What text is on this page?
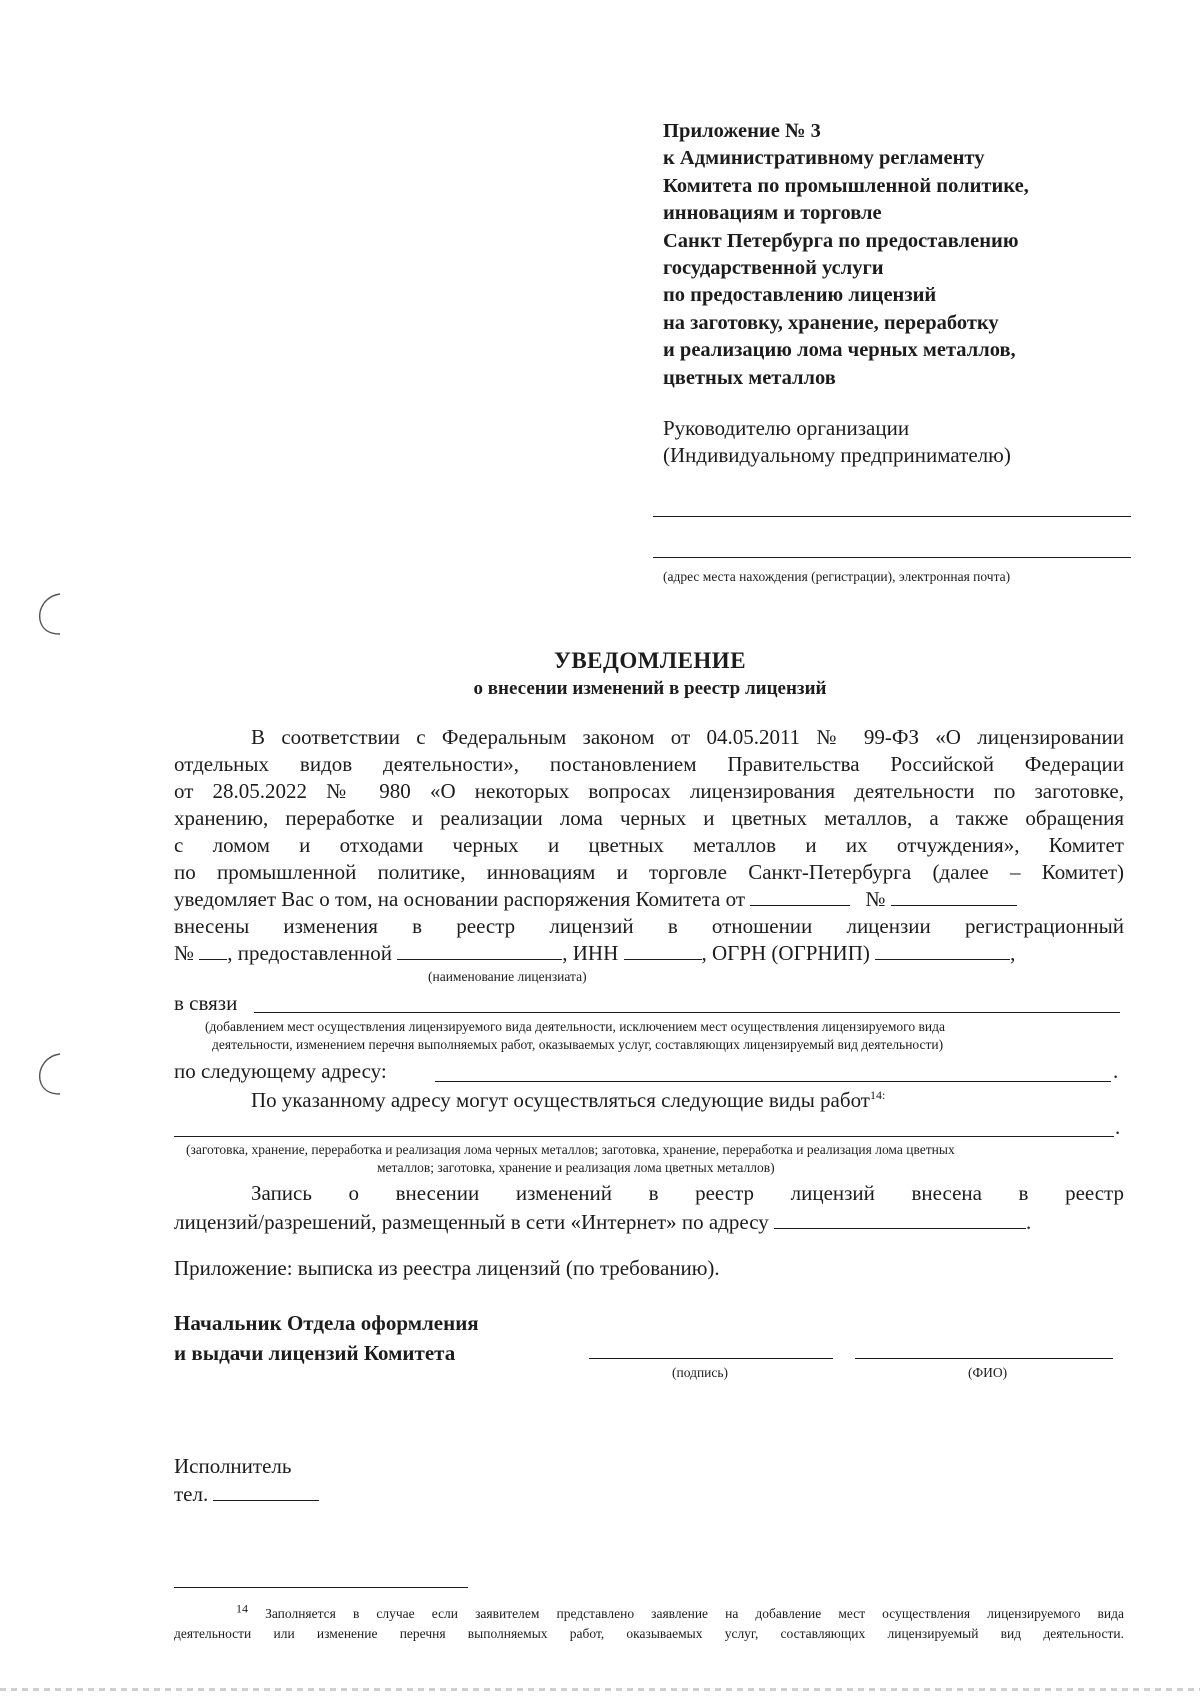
Приложение № 3
к Административному регламенту
Комитета по промышленной политике,
инновациям и торговле
Санкт Петербурга по предоставлению
государственной услуги
по предоставлению лицензий
на заготовку, хранение, переработку
и реализацию лома черных металлов,
цветных металлов
Руководителю организации
(Индивидуальному предпринимателю)
(адрес места нахождения (регистрации), электронная почта)
УВЕДОМЛЕНИЕ
о внесении изменений в реестр лицензий
В соответствии с Федеральным законом от 04.05.2011 № 99-ФЗ «О лицензировании
отдельных видов деятельности», постановлением Правительства Российской Федерации
от 28.05.2022 № 980 «О некоторых вопросах лицензирования деятельности по заготовке,
хранению, переработке и реализации лома черных и цветных металлов, а также обращения
с ломом и отходами черных и цветных металлов и их отчуждения», Комитет
по промышленной политике, инновациям и торговле Санкт-Петербурга (далее – Комитет)
уведомляет Вас о том, на основании распоряжения Комитета от	№
внесены изменения в реестр лицензий в отношении лицензии регистрационный
№ , предоставленной	, ИНН	, ОГРН (ОГРНИП)	,
(наименование лицензиата)
в связи
(добавлением мест осуществления лицензируемого вида деятельности, исключением мест осуществления лицензируемого вида
деятельности, изменением перечня выполняемых работ, оказываемых услуг, составляющих лицензируемый вид деятельности)
по следующему адресу:	.
По указанному адресу могут осуществляться следующие виды работ$^{14:}$
.
(заготовка, хранение, переработка и реализация лома черных металлов; заготовка, хранение, переработка и реализация лома цветных
металлов; заготовка, хранение и реализация лома цветных металлов)
Запись о внесении изменений в реестр лицензий внесена в реестр
лицензий/разрешений, размещенный в сети «Интернет» по адресу	.
Приложение: выписка из реестра лицензий (по требованию).
Начальник Отдела оформления
и выдачи лицензий Комитета
(подпись)	(ФИО)
Исполнитель
тел.
14 Заполняется в случае если заявителем представлено заявление на добавление мест осуществления лицензируемого вида
деятельности или изменение перечня выполняемых работ, оказываемых услуг, составляющих лицензируемый вид деятельности.
